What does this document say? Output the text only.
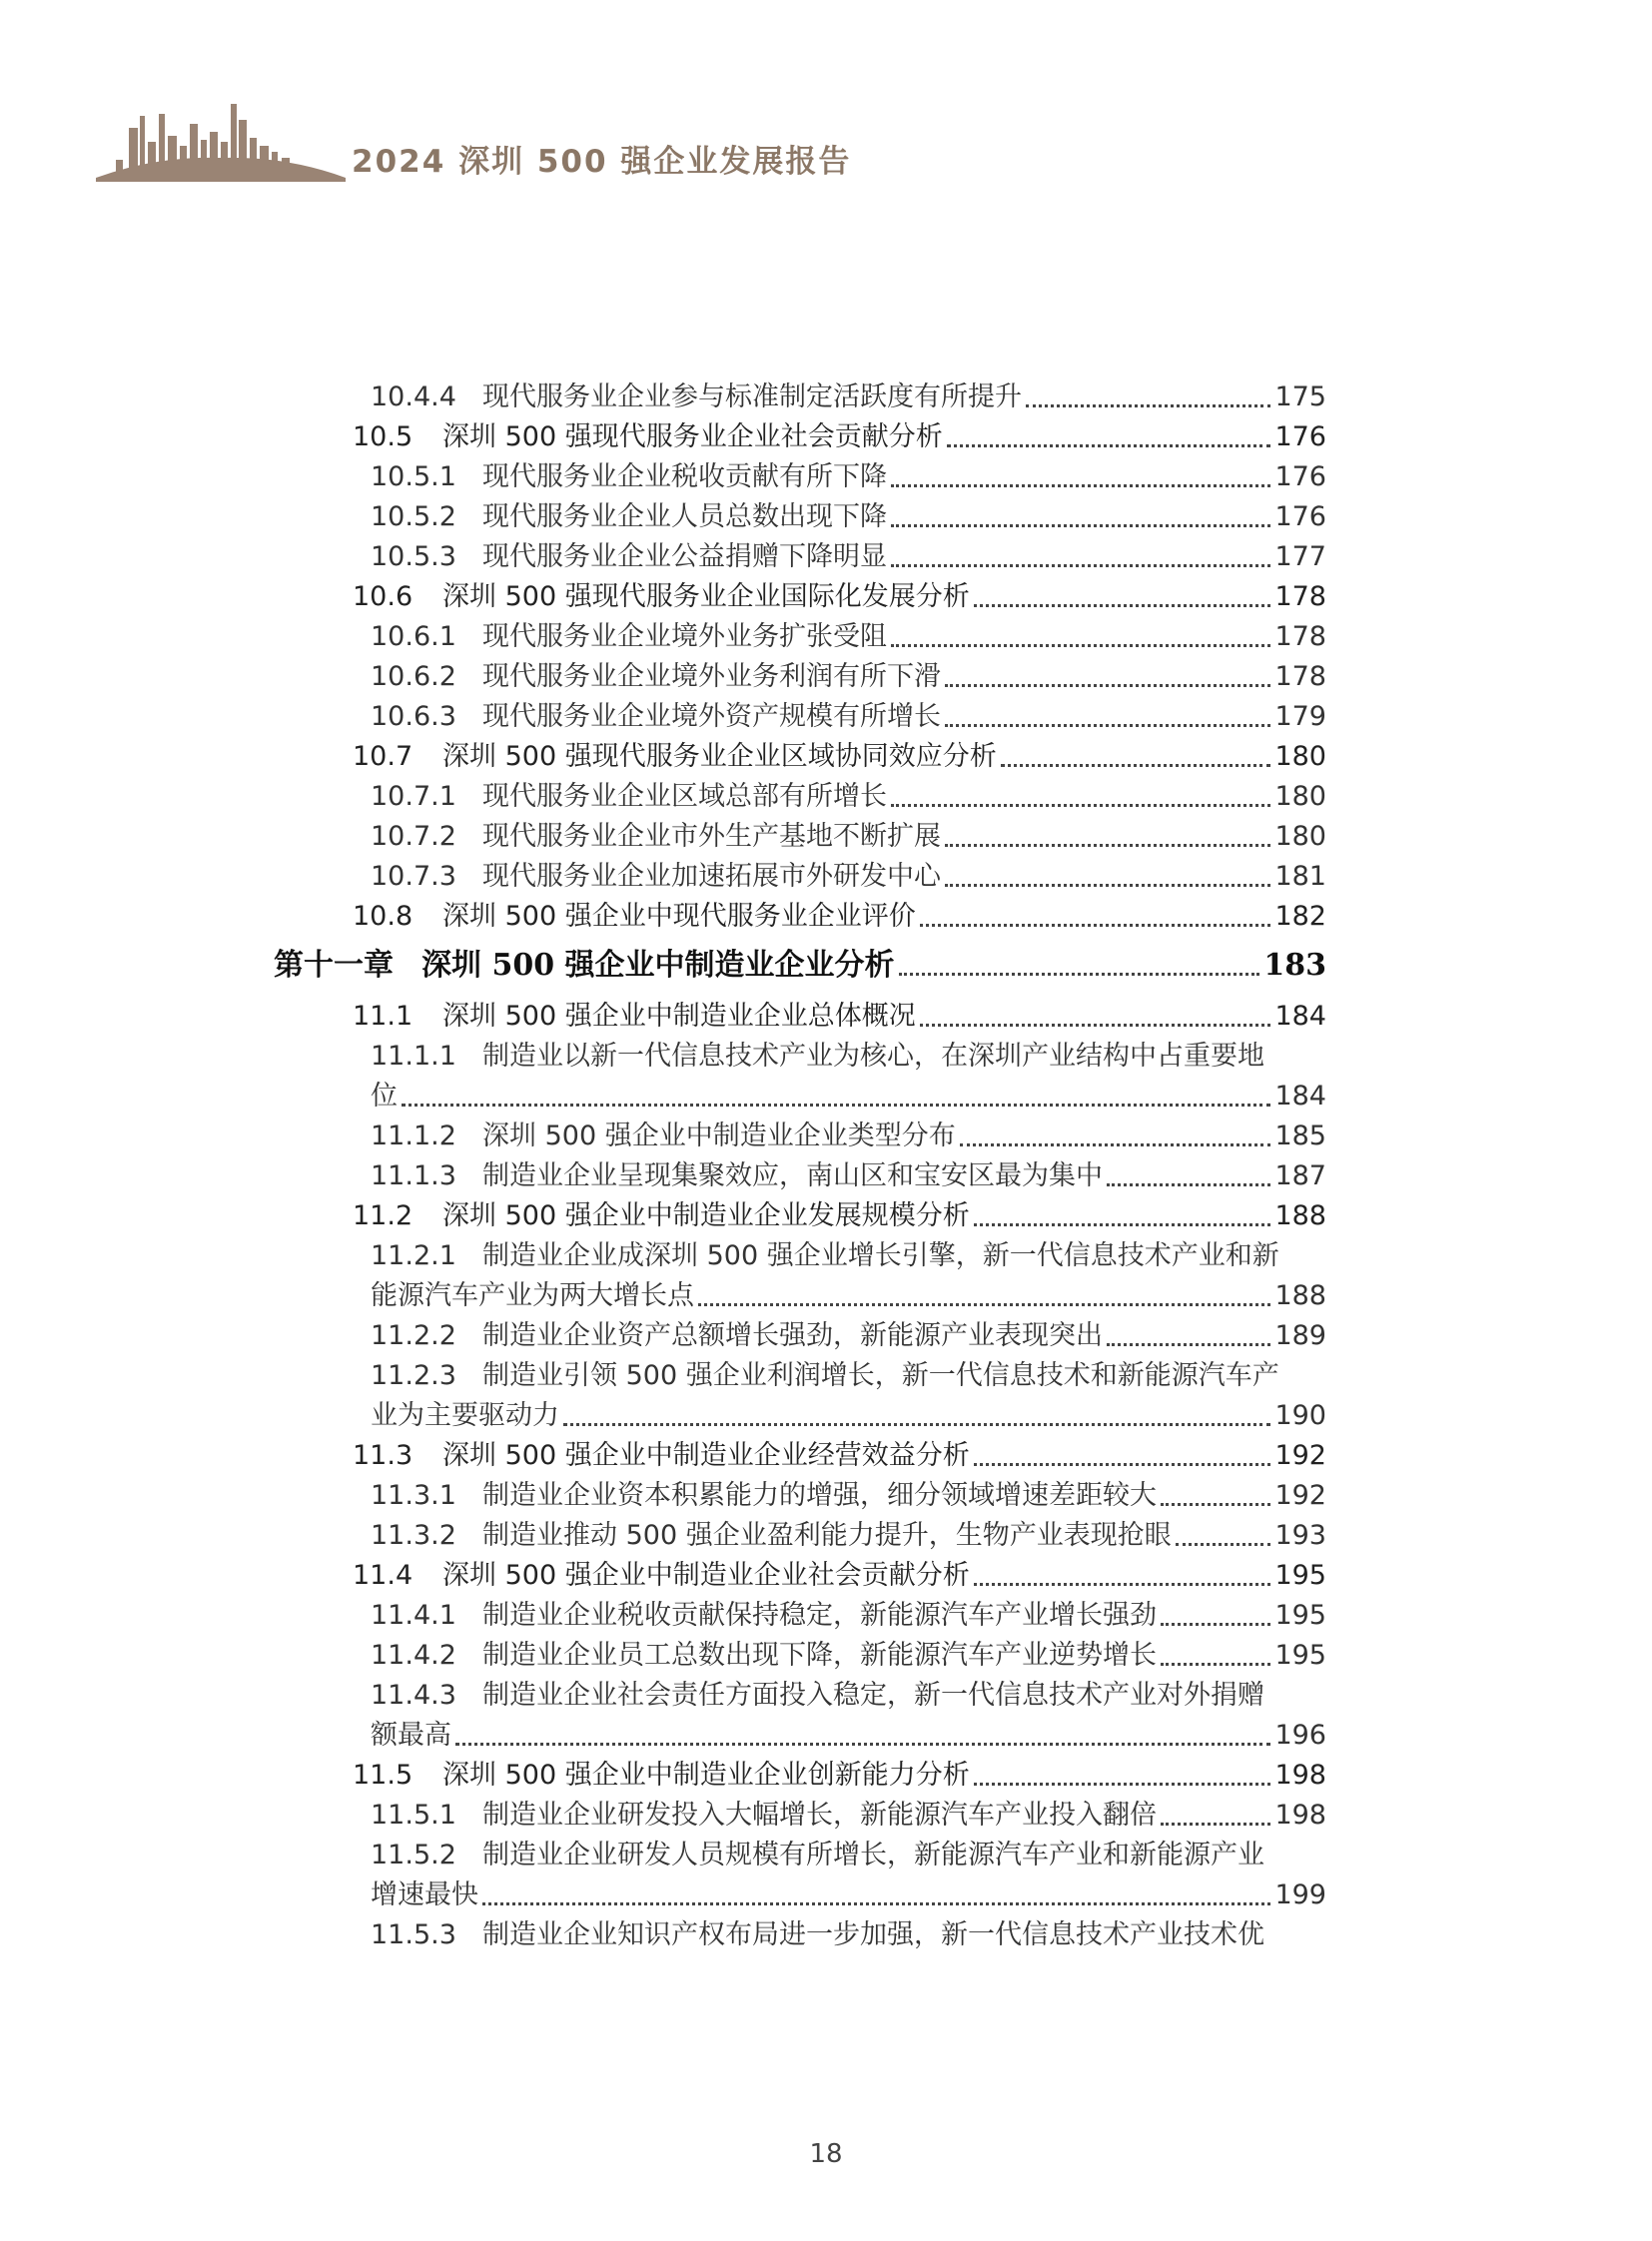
2024 深圳 500 强企业发展报告
10.4.4 现代服务业企业参与标准制定活跃度有所提升	175
10.5	深圳 500 强现代服务业企业社会贡献分析	176
10.5.1 现代服务业企业税收贡献有所下降	176
10.5.2 现代服务业企业人员总数出现下降	176
10.5.3 现代服务业企业公益捐赠下降明显	177
10.6	深圳 500 强现代服务业企业国际化发展分析	178
10.6.1 现代服务业企业境外业务扩张受阻	178
10.6.2 现代服务业企业境外业务利润有所下滑	178
10.6.3 现代服务业企业境外资产规模有所增长	179
10.7	深圳 500 强现代服务业企业区域协同效应分析	180
10.7.1 现代服务业企业区域总部有所增长	180
10.7.2 现代服务业企业市外生产基地不断扩展	180
10.7.3 现代服务业企业加速拓展市外研发中心	181
10.8	深圳 500 强企业中现代服务业企业评价	182
第十一章 深圳 500 强企业中制造业企业分析	183
11.1	深圳 500 强企业中制造业企业总体概况	184
11.1.1 制造业以新一代信息技术产业为核心，在深圳产业结构中占重要地
位	184
11.1.2 深圳 500 强企业中制造业企业类型分布	185
11.1.3 制造业企业呈现集聚效应，南山区和宝安区最为集中	187
11.2	深圳 500 强企业中制造业企业发展规模分析	188
11.2.1 制造业企业成深圳 500 强企业增长引擎，新一代信息技术产业和新
能源汽车产业为两大增长点	188
11.2.2 制造业企业资产总额增长强劲，新能源产业表现突出	189
11.2.3 制造业引领 500 强企业利润增长，新一代信息技术和新能源汽车产
业为主要驱动力	190
11.3	深圳 500 强企业中制造业企业经营效益分析	192
11.3.1 制造业企业资本积累能力的增强，细分领域增速差距较大	192
11.3.2 制造业推动 500 强企业盈利能力提升，生物产业表现抢眼	193
11.4	深圳 500 强企业中制造业企业社会贡献分析	195
11.4.1 制造业企业税收贡献保持稳定，新能源汽车产业增长强劲	195
11.4.2 制造业企业员工总数出现下降，新能源汽车产业逆势增长	195
11.4.3 制造业企业社会责任方面投入稳定，新一代信息技术产业对外捐赠
额最高	196
11.5	深圳 500 强企业中制造业企业创新能力分析	198
11.5.1 制造业企业研发投入大幅增长，新能源汽车产业投入翻倍	198
11.5.2 制造业企业研发人员规模有所增长，新能源汽车产业和新能源产业
增速最快	199
11.5.3 制造业企业知识产权布局进一步加强，新一代信息技术产业技术优
18
